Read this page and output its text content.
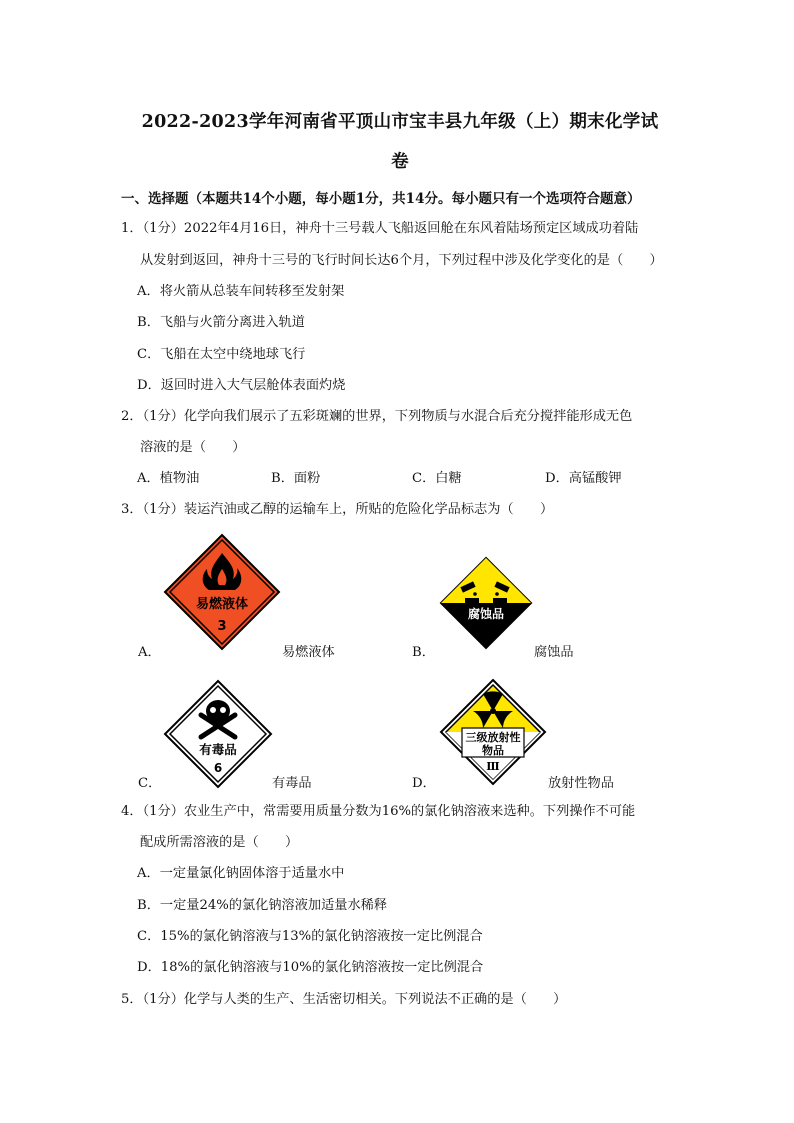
2022-2023学年河南省平顶山市宝丰县九年级（上）期末化学试
卷
一、选择题（本题共14个小题，每小题1分，共14分。每小题只有一个选项符合题意）
1．（1分）2022年4月16日，神舟十三号载人飞船返回舱在东风着陆场预定区域成功着陆
从发射到返回，神舟十三号的飞行时间长达6个月，下列过程中涉及化学变化的是（　　）
A．将火箭从总装车间转移至发射架
B．飞船与火箭分离进入轨道
C．飞船在太空中绕地球飞行
D．返回时进入大气层舱体表面灼烧
2．（1分）化学向我们展示了五彩斑斓的世界，下列物质与水混合后充分搅拌能形成无色
溶液的是（　　）
A．植物油	B．面粉	C．白糖	D．高锰酸钾
3．（1分）装运汽油或乙醇的运输车上，所贴的危险化学品标志为（　　）
易燃液体
3
A．	易燃液体
腐蚀品
B．	腐蚀品
有毒品
6
C．	有毒品
三级放射性
物品
Ⅲ
D．	放射性物品
4．（1分）农业生产中，常需要用质量分数为16%的氯化钠溶液来选种。下列操作不可能
配成所需溶液的是（　　）
A．一定量氯化钠固体溶于适量水中
B．一定量24%的氯化钠溶液加适量水稀释
C．15%的氯化钠溶液与13%的氯化钠溶液按一定比例混合
D．18%的氯化钠溶液与10%的氯化钠溶液按一定比例混合
5．（1分）化学与人类的生产、生活密切相关。下列说法不正确的是（　　）
